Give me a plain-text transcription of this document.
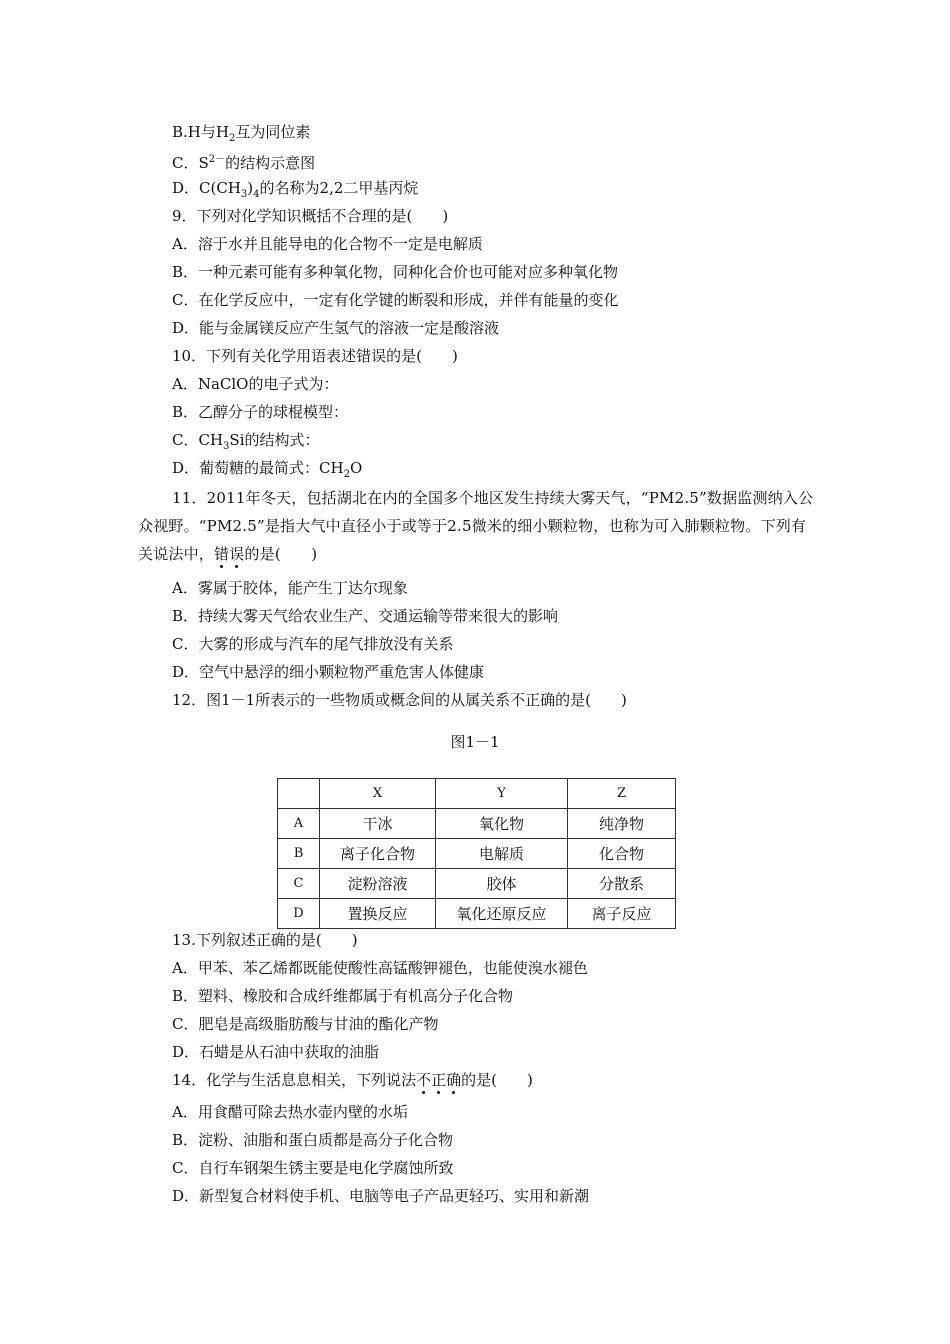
B.H与$H_2$互为同位素
C．$S^{2-}$的结构示意图
D．$C(CH_3)_4$的名称为2,2二甲基丙烷
9．下列对化学知识概括不合理的是(　　)
A．溶于水并且能导电的化合物不一定是电解质
B．一种元素可能有多种氧化物，同种化合价也可能对应多种氧化物
C．在化学反应中，一定有化学键的断裂和形成，并伴有能量的变化
D．能与金属镁反应产生氢气的溶液一定是酸溶液
10．下列有关化学用语表述错误的是(　　)
A．NaClO的电子式为：
B．乙醇分子的球棍模型：
C．$CH_3Si$的结构式：
D．葡萄糖的最简式：$CH_2O$
11．2011年冬天，包括湖北在内的全国多个地区发生持续大雾天气，“PM2.5”数据监测纳入公众视野。“PM2.5”是指大气中直径小于或等于2.5微米的细小颗粒物，也称为可入肺颗粒物。下列有关说法中，错误的是(　　)
A．雾属于胶体，能产生丁达尔现象
B．持续大雾天气给农业生产、交通运输等带来很大的影响
C．大雾的形成与汽车的尾气排放没有关系
D．空气中悬浮的细小颗粒物严重危害人体健康
12．图1－1所表示的一些物质或概念间的从属关系不正确的是(　　)
图1－1
	X	Y	Z
A	干冰	氧化物	纯净物
B	离子化合物	电解质	化合物
C	淀粉溶液	胶体	分散系
D	置换反应	氧化还原反应	离子反应
13.下列叙述正确的是(　　)
A．甲苯、苯乙烯都既能使酸性高锰酸钾褪色，也能使溴水褪色
B．塑料、橡胶和合成纤维都属于有机高分子化合物
C．肥皂是高级脂肪酸与甘油的酯化产物
D．石蜡是从石油中获取的油脂
14．化学与生活息息相关，下列说法不正确的是(　　)
A．用食醋可除去热水壶内壁的水垢
B．淀粉、油脂和蛋白质都是高分子化合物
C．自行车钢架生锈主要是电化学腐蚀所致
D．新型复合材料使手机、电脑等电子产品更轻巧、实用和新潮
